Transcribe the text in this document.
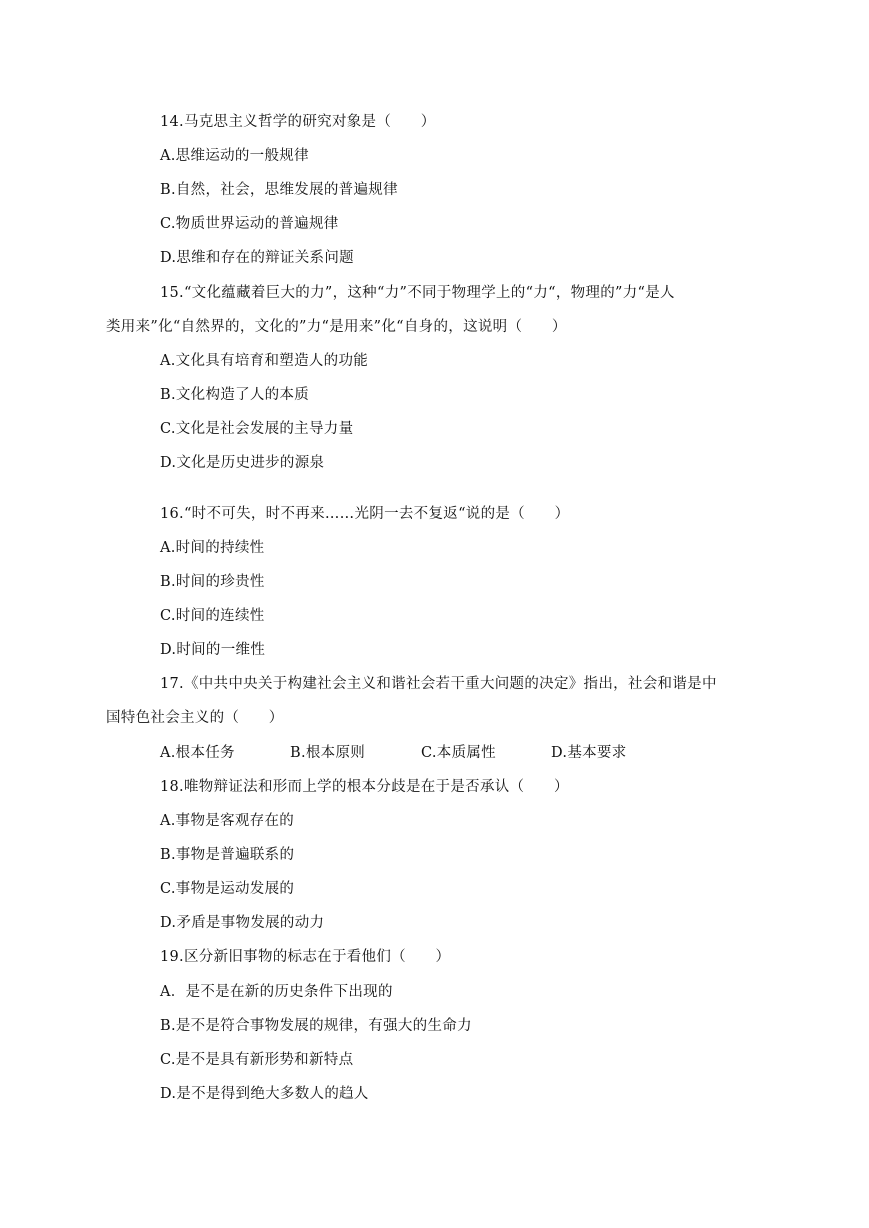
14.马克思主义哲学的研究对象是（　　）
A.思维运动的一般规律
B.自然，社会，思维发展的普遍规律
C.物质世界运动的普遍规律
D.思维和存在的辩证关系问题
15.“文化蕴藏着巨大的力”，这种“力”不同于物理学上的“力“，物理的”力“是人
类用来”化“自然界的，文化的”力“是用来”化“自身的，这说明（　　）
A.文化具有培育和塑造人的功能
B.文化构造了人的本质
C.文化是社会发展的主导力量
D.文化是历史进步的源泉
16.“时不可失，时不再来……光阴一去不复返“说的是（　　）
A.时间的持续性
B.时间的珍贵性
C.时间的连续性
D.时间的一维性
17.《中共中央关于构建社会主义和谐社会若干重大问题的决定》指出，社会和谐是中
国特色社会主义的（　　）
A.根本任务	B.根本原则	C.本质属性	D.基本要求
18.唯物辩证法和形而上学的根本分歧是在于是否承认（　　）
A.事物是客观存在的
B.事物是普遍联系的
C.事物是运动发展的
D.矛盾是事物发展的动力
19.区分新旧事物的标志在于看他们（　　）
A．是不是在新的历史条件下出现的
B.是不是符合事物发展的规律，有强大的生命力
C.是不是具有新形势和新特点
D.是不是得到绝大多数人的趋人
